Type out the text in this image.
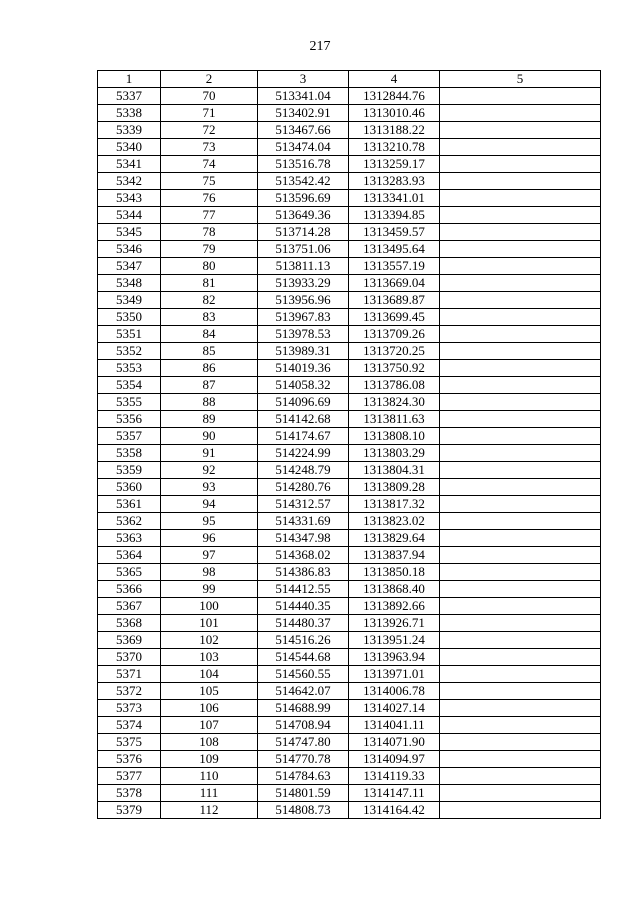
217
1	2	3	4	5
5337	70	513341.04	1312844.76	
5338	71	513402.91	1313010.46	
5339	72	513467.66	1313188.22	
5340	73	513474.04	1313210.78	
5341	74	513516.78	1313259.17	
5342	75	513542.42	1313283.93	
5343	76	513596.69	1313341.01	
5344	77	513649.36	1313394.85	
5345	78	513714.28	1313459.57	
5346	79	513751.06	1313495.64	
5347	80	513811.13	1313557.19	
5348	81	513933.29	1313669.04	
5349	82	513956.96	1313689.87	
5350	83	513967.83	1313699.45	
5351	84	513978.53	1313709.26	
5352	85	513989.31	1313720.25	
5353	86	514019.36	1313750.92	
5354	87	514058.32	1313786.08	
5355	88	514096.69	1313824.30	
5356	89	514142.68	1313811.63	
5357	90	514174.67	1313808.10	
5358	91	514224.99	1313803.29	
5359	92	514248.79	1313804.31	
5360	93	514280.76	1313809.28	
5361	94	514312.57	1313817.32	
5362	95	514331.69	1313823.02	
5363	96	514347.98	1313829.64	
5364	97	514368.02	1313837.94	
5365	98	514386.83	1313850.18	
5366	99	514412.55	1313868.40	
5367	100	514440.35	1313892.66	
5368	101	514480.37	1313926.71	
5369	102	514516.26	1313951.24	
5370	103	514544.68	1313963.94	
5371	104	514560.55	1313971.01	
5372	105	514642.07	1314006.78	
5373	106	514688.99	1314027.14	
5374	107	514708.94	1314041.11	
5375	108	514747.80	1314071.90	
5376	109	514770.78	1314094.97	
5377	110	514784.63	1314119.33	
5378	111	514801.59	1314147.11	
5379	112	514808.73	1314164.42	
